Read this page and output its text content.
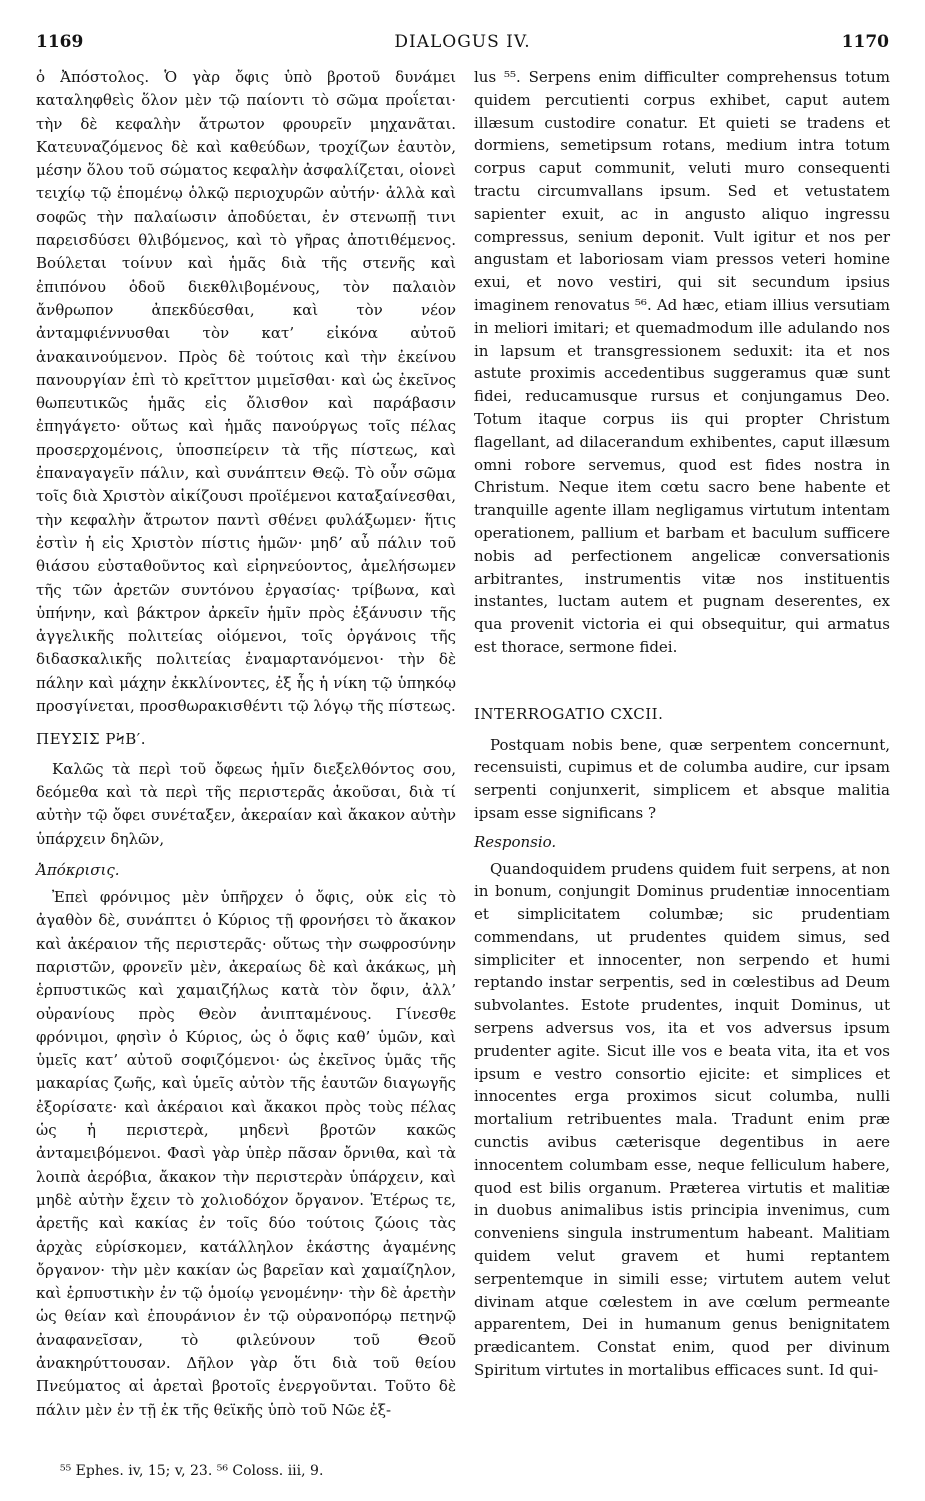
1169	DIALOGUS IV.	1170

ὁ Ἀπόστολος. Ὁ γὰρ ὄφις ὑπὸ βροτοῦ δυνάμει καταληφθεὶς ὅλον μὲν τῷ παίοντι τὸ σῶμα προΐεται· τὴν δὲ κεφαλὴν ἄτρωτον φρουρεῖν μηχανᾶται. Κατευναζόμενος δὲ καὶ καθεύδων, τροχίζων ἑαυτὸν, μέσην ὅλου τοῦ σώματος κεφαλὴν ἀσφαλίζεται, οἱονεὶ τειχίῳ τῷ ἑπομένῳ ὁλκῷ περιοχυρῶν αὐτήν· ἀλλὰ καὶ σοφῶς τὴν παλαίωσιν ἀποδύεται, ἐν στενωπῇ τινι παρεισδύσει θλιβόμενος, καὶ τὸ γῆρας ἀποτιθέμενος. Βούλεται τοίνυν καὶ ἡμᾶς διὰ τῆς στενῆς καὶ ἐπιπόνου ὁδοῦ διεκθλιβομένους, τὸν παλαιὸν ἄνθρωπον ἀπεκδύεσθαι, καὶ τὸν νέον ἀνταμφιέννυσθαι τὸν κατ’ εἰκόνα αὐτοῦ ἀνακαινούμενον. Πρὸς δὲ τούτοις καὶ τὴν ἐκείνου πανουργίαν ἐπὶ τὸ κρεῖττον μιμεῖσθαι· καὶ ὡς ἐκεῖνος θωπευτικῶς ἡμᾶς εἰς ὄλισθον καὶ παράβασιν ἐπηγάγετο· οὕτως καὶ ἡμᾶς πανούργως τοῖς πέλας προσερχομένοις, ὑποσπείρειν τὰ τῆς πίστεως, καὶ ἐπαναγαγεῖν πάλιν, καὶ συνάπτειν Θεῷ. Τὸ οὖν σῶμα τοῖς διὰ Χριστὸν αἰκίζουσι προϊέμενοι καταξαίνεσθαι, τὴν κεφαλὴν ἄτρωτον παντὶ σθένει φυλάξωμεν· ἥτις ἐστὶν ἡ εἰς Χριστὸν πίστις ἡμῶν· μηδ’ αὖ πάλιν τοῦ θιάσου εὐσταθοῦντος καὶ εἰρηνεύοντος, ἀμελήσωμεν τῆς τῶν ἀρετῶν συντόνου ἐργασίας· τρίβωνα, καὶ ὑπήνην, καὶ βάκτρον ἀρκεῖν ἡμῖν πρὸς ἐξάνυσιν τῆς ἀγγελικῆς πολιτείας οἰόμενοι, τοῖς ὀργάνοις τῆς διδασκαλικῆς πολιτείας ἐναμαρτανόμενοι· τὴν δὲ πάλην καὶ μάχην ἐκκλίνοντες, ἐξ ἧς ἡ νίκη τῷ ὑπηκόῳ προσγίνεται, προσθωρακισθέντι τῷ λόγῳ τῆς πίστεως.

ΠΕΥΣΙΣ ΡϞΒ′.

Καλῶς τὰ περὶ τοῦ ὄφεως ἡμῖν διεξελθόντος σου, δεόμεθα καὶ τὰ περὶ τῆς περιστερᾶς ἀκοῦσαι, διὰ τί αὐτὴν τῷ ὄφει συνέταξεν, ἀκεραίαν καὶ ἄκακον αὐτὴν ὑπάρχειν δηλῶν,

Ἀπόκρισις.

Ἐπεὶ φρόνιμος μὲν ὑπῆρχεν ὁ ὄφις, οὐκ εἰς τὸ ἀγαθὸν δὲ, συνάπτει ὁ Κύριος τῇ φρονήσει τὸ ἄκακον καὶ ἀκέραιον τῆς περιστερᾶς· οὕτως τὴν σωφροσύνην παριστῶν, φρονεῖν μὲν, ἀκεραίως δὲ καὶ ἀκάκως, μὴ ἑρπυστικῶς καὶ χαμαιζήλως κατὰ τὸν ὄφιν, ἀλλ’ οὐρανίους πρὸς Θεὸν ἀνιπταμένους. Γίνεσθε φρόνιμοι, φησὶν ὁ Κύριος, ὡς ὁ ὄφις καθ’ ὑμῶν, καὶ ὑμεῖς κατ’ αὐτοῦ σοφιζόμενοι· ὡς ἐκεῖνος ὑμᾶς τῆς μακαρίας ζωῆς, καὶ ὑμεῖς αὐτὸν τῆς ἑαυτῶν διαγωγῆς ἐξορίσατε· καὶ ἀκέραιοι καὶ ἄκακοι πρὸς τοὺς πέλας ὡς ἡ περιστερὰ, μηδενὶ βροτῶν κακῶς ἀνταμειβόμενοι. Φασὶ γὰρ ὑπὲρ πᾶσαν ὄρνιθα, καὶ τὰ λοιπὰ ἀερόβια, ἄκακον τὴν περιστερὰν ὑπάρχειν, καὶ μηδὲ αὐτὴν ἔχειν τὸ χολιοδόχον ὄργανον. Ἑτέρως τε, ἀρετῆς καὶ κακίας ἐν τοῖς δύο τούτοις ζώοις τὰς ἀρχὰς εὑρίσκομεν, κατάλληλον ἑκάστης ἀγαμένης ὄργανον· τὴν μὲν κακίαν ὡς βαρεῖαν καὶ χαμαίζηλον, καὶ ἑρπυστικὴν ἐν τῷ ὁμοίῳ γενομένην· τὴν δὲ ἀρετὴν ὡς θείαν καὶ ἐπουράνιον ἐν τῷ οὐρανοπόρῳ πετηνῷ ἀναφανεῖσαν, τὸ φιλεύνουν τοῦ Θεοῦ ἀνακηρύττουσαν. Δῆλον γὰρ ὅτι διὰ τοῦ θείου Πνεύματος αἱ ἀρεταὶ βροτοῖς ἐνεργοῦνται. Τοῦτο δὲ πάλιν μὲν ἐν τῇ ἐκ τῆς θεϊκῆς ὑπὸ τοῦ Νῶε ἐξ-

lus ⁵⁵. Serpens enim difficulter comprehensus totum quidem percutienti corpus exhibet, caput autem illæsum custodire conatur. Et quieti se tradens et dormiens, semetipsum rotans, medium intra totum corpus caput communit, veluti muro consequenti tractu circumvallans ipsum. Sed et vetustatem sapienter exuit, ac in angusto aliquo ingressu compressus, senium deponit. Vult igitur et nos per angustam et laboriosam viam pressos veteri homine exui, et novo vestiri, qui sit secundum ipsius imaginem renovatus ⁵⁶. Ad hæc, etiam illius versutiam in meliori imitari; et quemadmodum ille adulando nos in lapsum et transgressionem seduxit: ita et nos astute proximis accedentibus suggeramus quæ sunt fidei, reducamusque rursus et conjungamus Deo. Totum itaque corpus iis qui propter Christum flagellant, ad dilacerandum exhibentes, caput illæsum omni robore servemus, quod est fides nostra in Christum. Neque item cœtu sacro bene habente et tranquille agente illam negligamus virtutum intentam operationem, pallium et barbam et baculum sufficere nobis ad perfectionem angelicæ conversationis arbitrantes, instrumentis vitæ nos instituentis instantes, luctam autem et pugnam deserentes, ex qua provenit victoria ei qui obsequitur, qui armatus est thorace, sermone fidei.

INTERROGATIO CXCII.

Postquam nobis bene, quæ serpentem concernunt, recensuisti, cupimus et de columba audire, cur ipsam serpenti conjunxerit, simplicem et absque malitia ipsam esse significans ?

Responsio.

Quandoquidem prudens quidem fuit serpens, at non in bonum, conjungit Dominus prudentiæ innocentiam et simplicitatem columbæ; sic prudentiam commendans, ut prudentes quidem simus, sed simpliciter et innocenter, non serpendo et humi reptando instar serpentis, sed in cœlestibus ad Deum subvolantes. Estote prudentes, inquit Dominus, ut serpens adversus vos, ita et vos adversus ipsum prudenter agite. Sicut ille vos e beata vita, ita et vos ipsum e vestro consortio ejicite: et simplices et innocentes erga proximos sicut columba, nulli mortalium retribuentes mala. Tradunt enim præ cunctis avibus cæterisque degentibus in aere innocentem columbam esse, neque felliculum habere, quod est bilis organum. Præterea virtutis et malitiæ in duobus animalibus istis principia invenimus, cum conveniens singula instrumentum habeant. Malitiam quidem velut gravem et humi reptantem serpentemque in simili esse; virtutem autem velut divinam atque cœlestem in ave cœlum permeante apparentem, Dei in humanum genus benignitatem prædicantem. Constat enim, quod per divinum Spiritum virtutes in mortalibus efficaces sunt. Id qui-

⁵⁵ Ephes. iv, 15; v, 23. ⁵⁶ Coloss. iii, 9.
